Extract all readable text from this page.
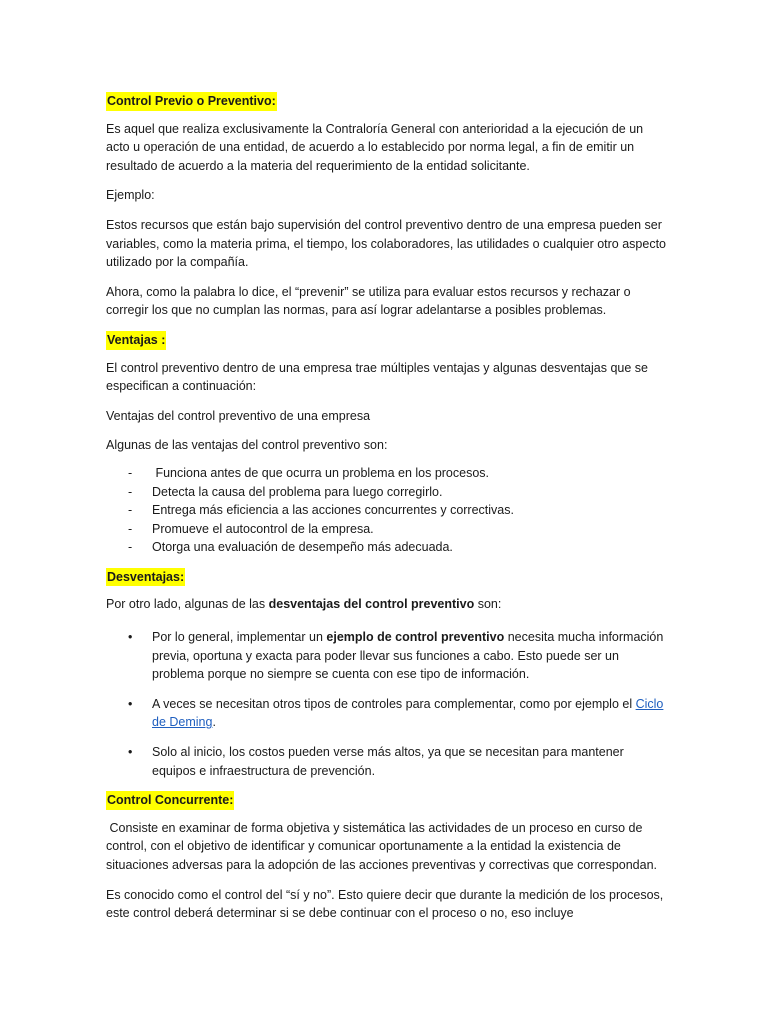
Control Previo o Preventivo:

Es aquel que realiza exclusivamente la Contraloría General con anterioridad a la ejecución de un acto u operación de una entidad, de acuerdo a lo establecido por norma legal, a fin de emitir un resultado de acuerdo a la materia del requerimiento de la entidad solicitante.

Ejemplo:

Estos recursos que están bajo supervisión del control preventivo dentro de una empresa pueden ser variables, como la materia prima, el tiempo, los colaboradores, las utilidades o cualquier otro aspecto utilizado por la compañía.

Ahora, como la palabra lo dice, el “prevenir” se utiliza para evaluar estos recursos y rechazar o corregir los que no cumplan las normas, para así lograr adelantarse a posibles problemas.

Ventajas :

El control preventivo dentro de una empresa trae múltiples ventajas y algunas desventajas que se especifican a continuación:

Ventajas del control preventivo de una empresa

Algunas de las ventajas del control preventivo son:

- Funciona antes de que ocurra un problema en los procesos.
- Detecta la causa del problema para luego corregirlo.
- Entrega más eficiencia a las acciones concurrentes y correctivas.
- Promueve el autocontrol de la empresa.
- Otorga una evaluación de desempeño más adecuada.
Desventajas:

Por otro lado, algunas de las desventajas del control preventivo son:

• Por lo general, implementar un ejemplo de control preventivo necesita mucha información previa, oportuna y exacta para poder llevar sus funciones a cabo. Esto puede ser un problema porque no siempre se cuenta con ese tipo de información.
• A veces se necesitan otros tipos de controles para complementar, como por ejemplo el Ciclo de Deming.
• Solo al inicio, los costos pueden verse más altos, ya que se necesitan para mantener equipos e infraestructura de prevención.
Control Concurrente:

Consiste en examinar de forma objetiva y sistemática las actividades de un proceso en curso de control, con el objetivo de identificar y comunicar oportunamente a la entidad la existencia de situaciones adversas para la adopción de las acciones preventivas y correctivas que correspondan.

Es conocido como el control del “sí y no”. Esto quiere decir que durante la medición de los procesos, este control deberá determinar si se debe continuar con el proceso o no, eso incluye
